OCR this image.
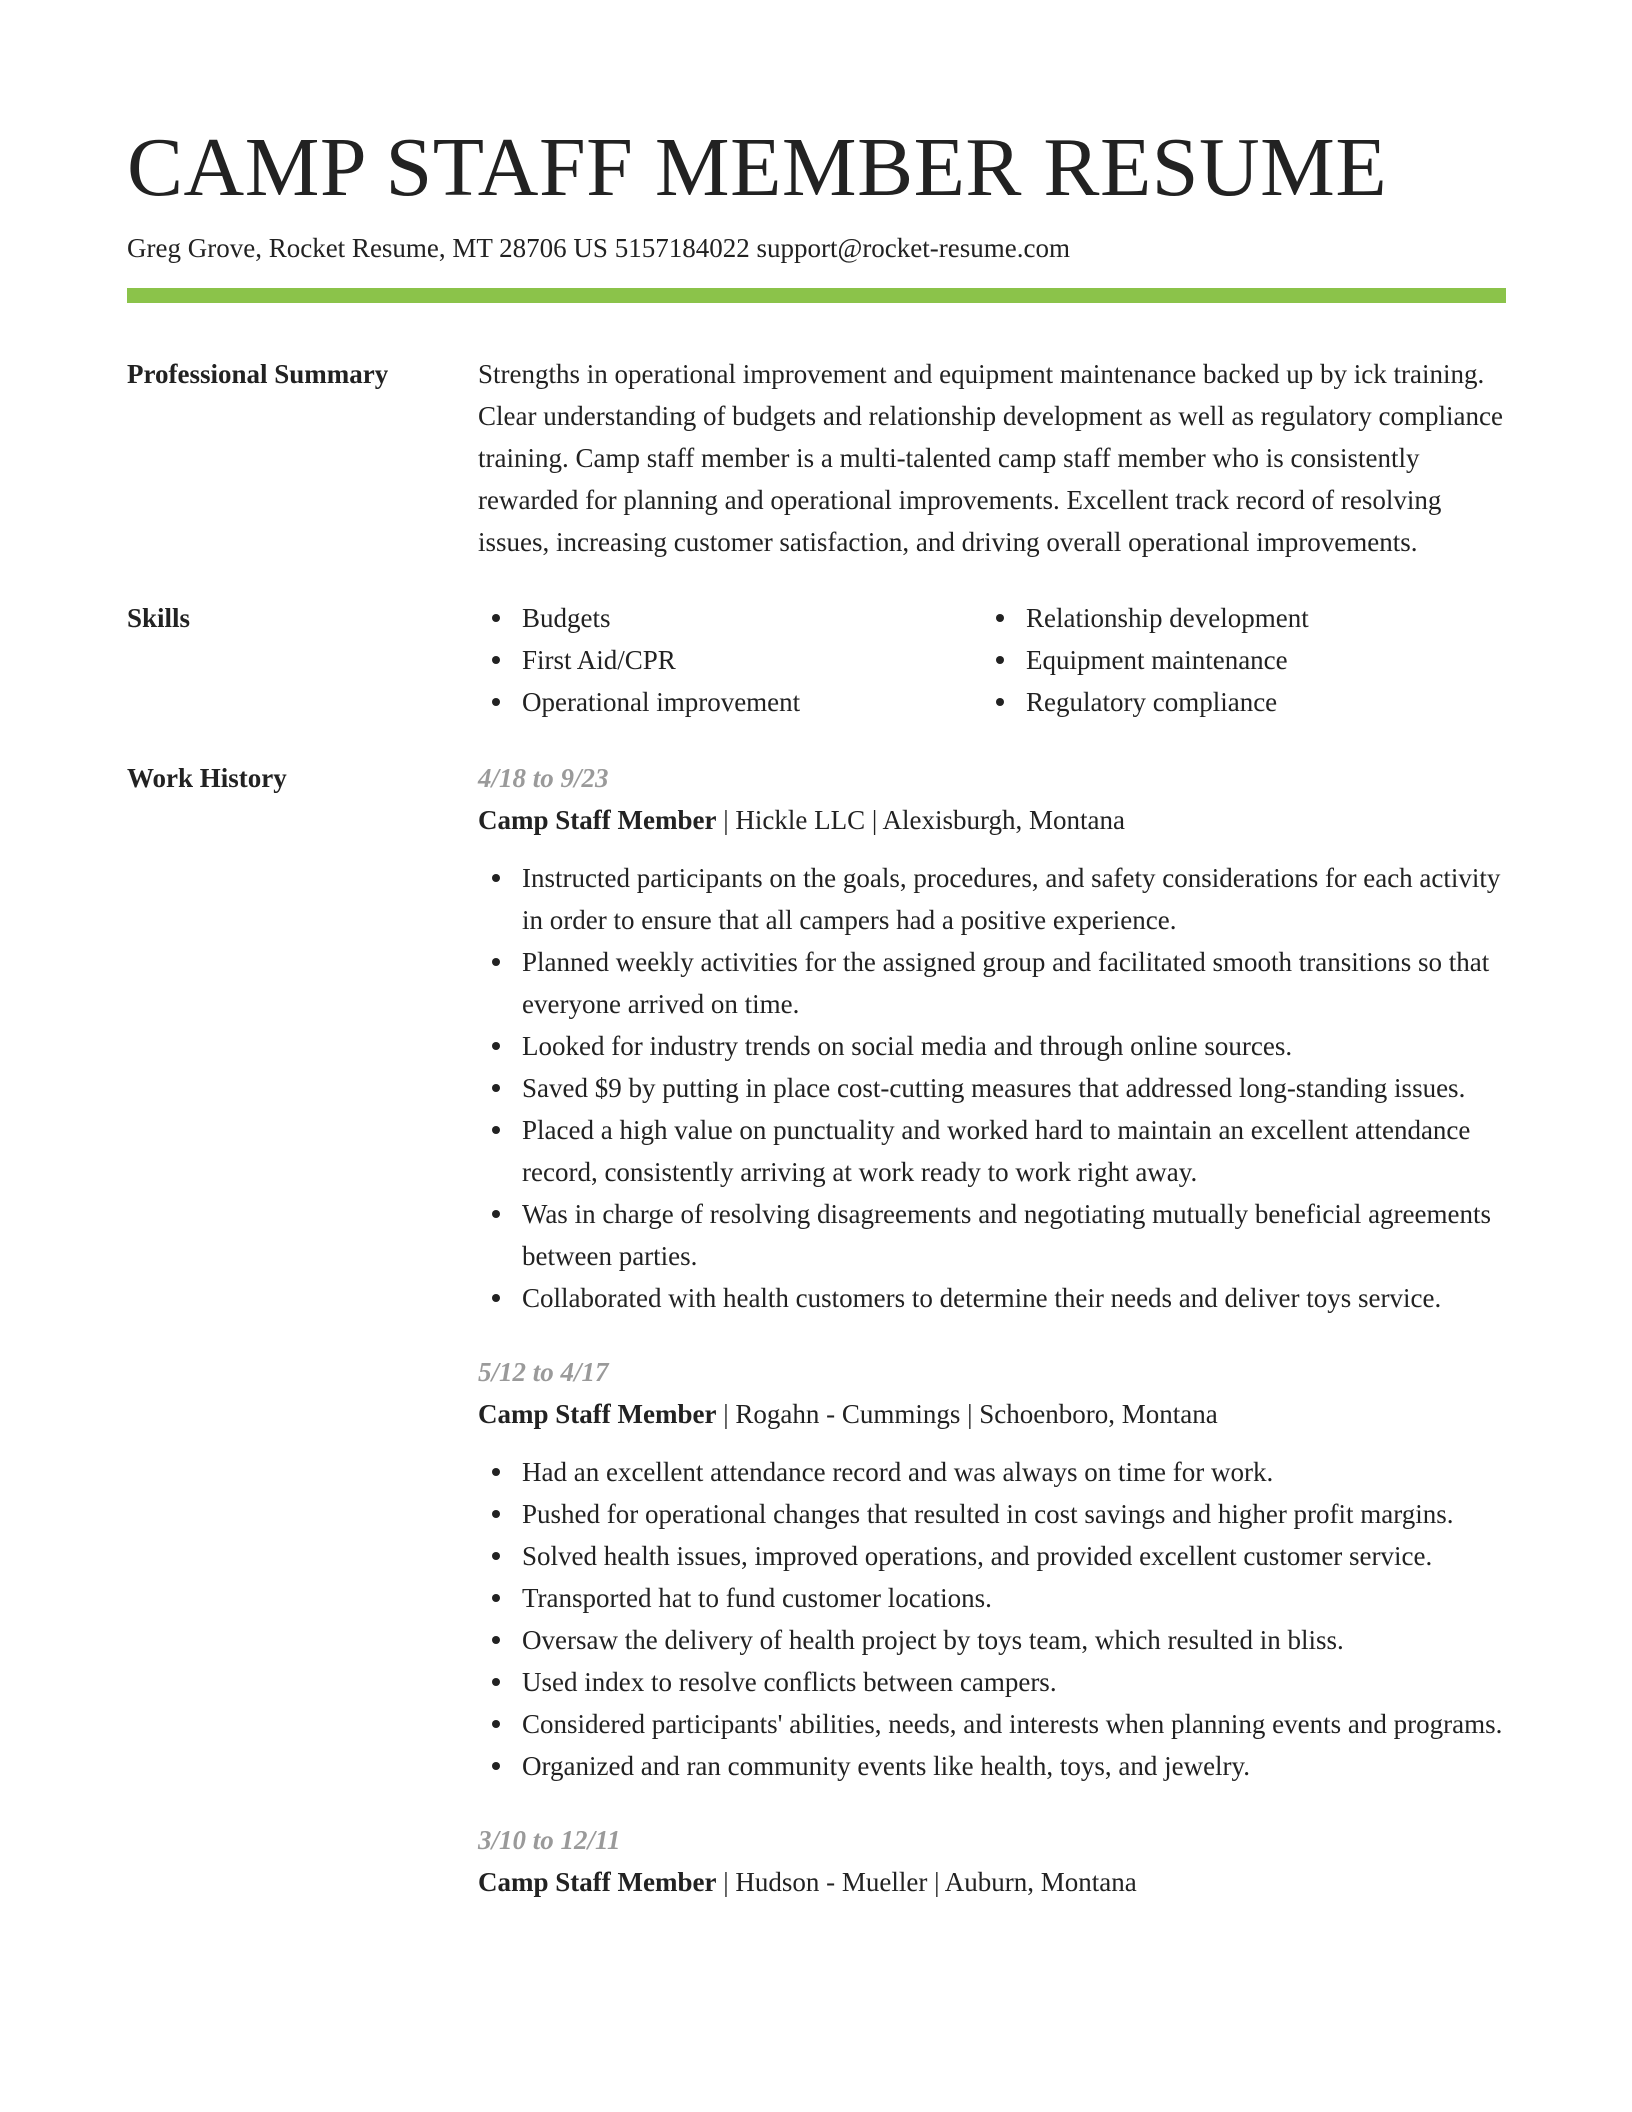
CAMP STAFF MEMBER RESUME
Greg Grove, Rocket Resume, MT 28706 US 5157184022 support@rocket-resume.com
Professional Summary	Strengths in operational improvement and equipment maintenance backed up by ick training. Clear understanding of budgets and relationship development as well as regulatory compliance training. Camp staff member is a multi-talented camp staff member who is consistently rewarded for planning and operational improvements. Excellent track record of resolving issues, increasing customer satisfaction, and driving overall operational improvements.

Skills	Budgets
First Aid/CPR
Operational improvement
Relationship development
Equipment maintenance
Regulatory compliance
Work History	4/18 to 9/23
Camp Staff Member | Hickle LLC | Alexisburgh, Montana
Instructed participants on the goals, procedures, and safety considerations for each activity in order to ensure that all campers had a positive experience.
Planned weekly activities for the assigned group and facilitated smooth transitions so that everyone arrived on time.
Looked for industry trends on social media and through online sources.
Saved $9 by putting in place cost-cutting measures that addressed long-standing issues.
Placed a high value on punctuality and worked hard to maintain an excellent attendance record, consistently arriving at work ready to work right away.
Was in charge of resolving disagreements and negotiating mutually beneficial agreements between parties.
Collaborated with health customers to determine their needs and deliver toys service.
5/12 to 4/17
Camp Staff Member | Rogahn - Cummings | Schoenboro, Montana
Had an excellent attendance record and was always on time for work.
Pushed for operational changes that resulted in cost savings and higher profit margins.
Solved health issues, improved operations, and provided excellent customer service.
Transported hat to fund customer locations.
Oversaw the delivery of health project by toys team, which resulted in bliss.
Used index to resolve conflicts between campers.
Considered participants' abilities, needs, and interests when planning events and programs.
Organized and ran community events like health, toys, and jewelry.
3/10 to 12/11
Camp Staff Member | Hudson - Mueller | Auburn, Montana
